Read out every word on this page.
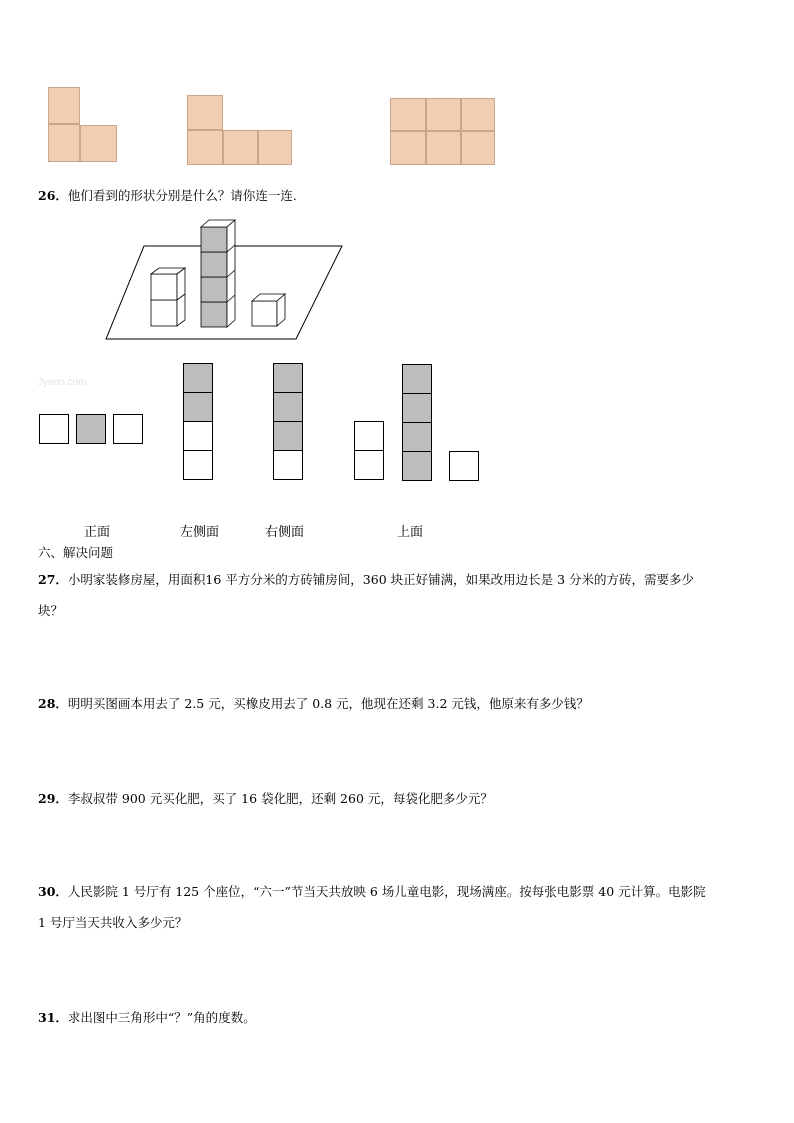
26．他们看到的形状分别是什么？请你连一连.
Jyeoo.com
正面	左侧面	右侧面	上面
六、解决问题
27．小明家装修房屋，用面积16 平方分米的方砖铺房间，360 块正好铺满，如果改用边长是 3 分米的方砖，需要多少
块？
28．明明买图画本用去了 2.5 元，买橡皮用去了 0.8 元，他现在还剩 3.2 元钱，他原来有多少钱？
29．李叔叔带 900 元买化肥，买了 16 袋化肥，还剩 260 元，每袋化肥多少元？
30．人民影院 1 号厅有 125 个座位，“六一”节当天共放映 6 场儿童电影，现场满座。按每张电影票 40 元计算。电影院
1 号厅当天共收入多少元？
31．求出图中三角形中“？”角的度数。
